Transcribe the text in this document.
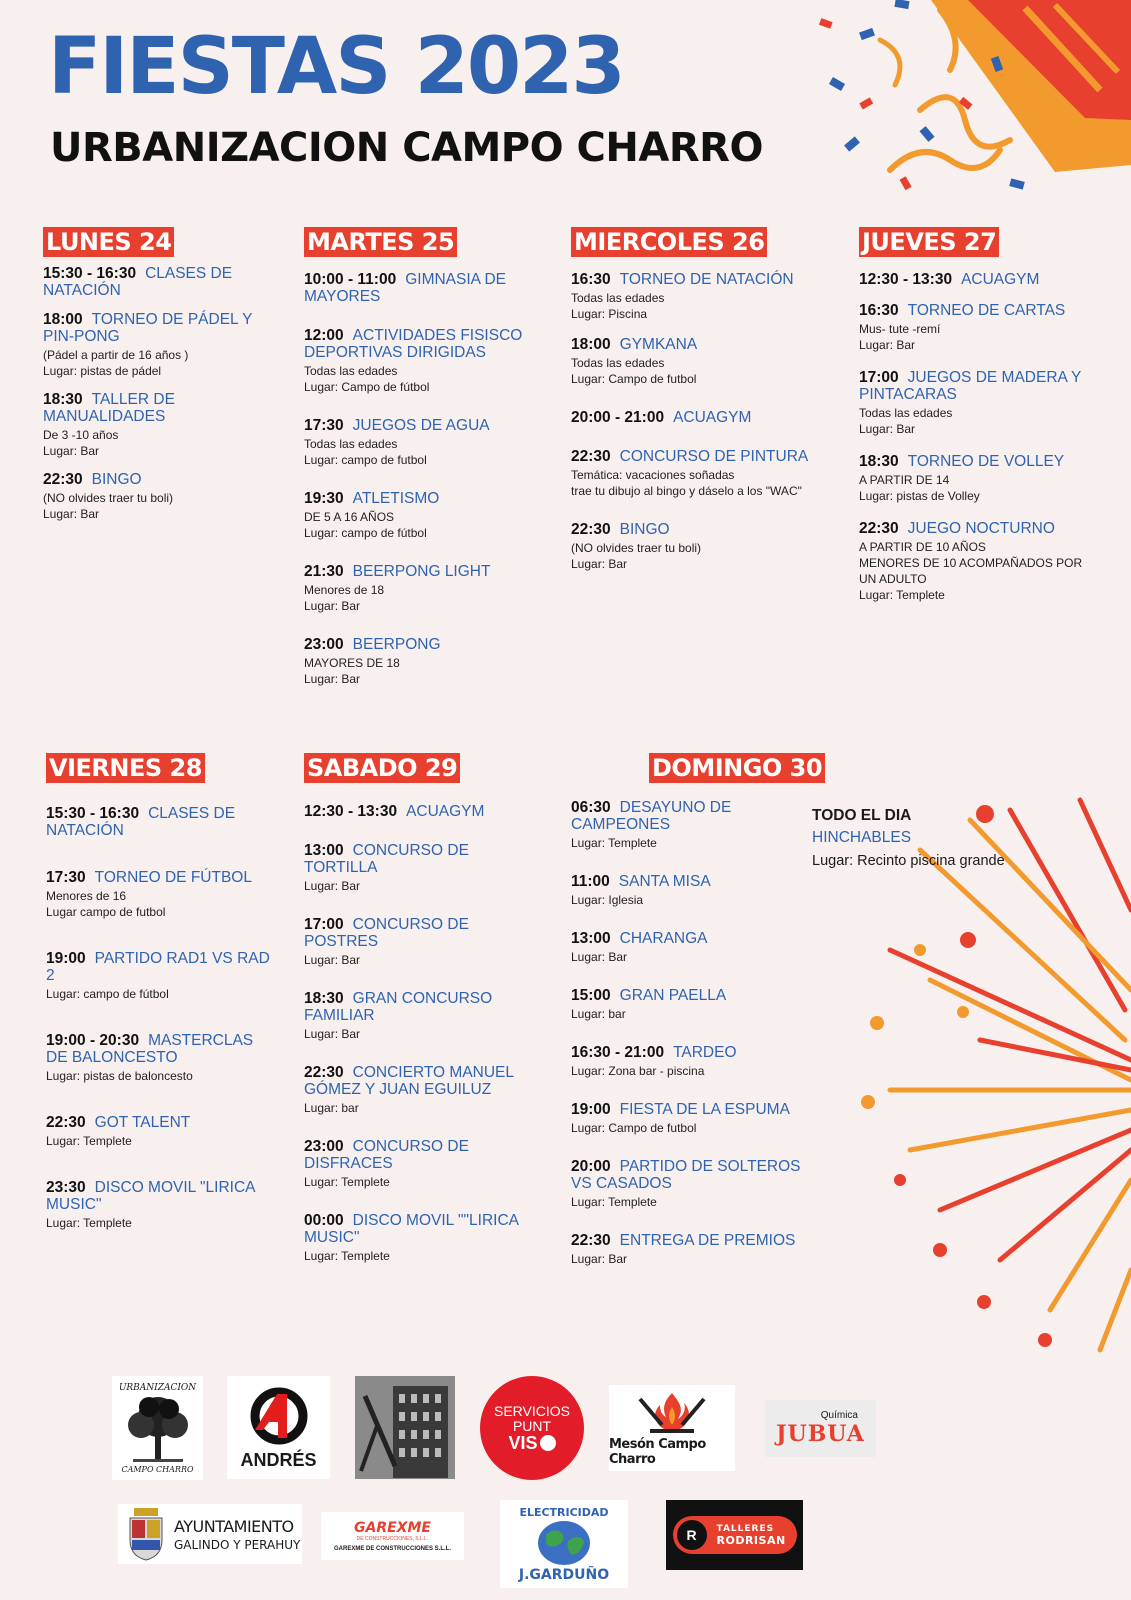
FIESTAS 2023
URBANIZACION CAMPO CHARRO
LUNES 24
15:30 - 16:30 CLASES DE NATACIÓN
18:00 TORNEO DE PÁDEL Y PIN-PONG
(Pádel a partir de 16 años )
Lugar: pistas de pádel
18:30 TALLER DE MANUALIDADES
De 3 -10 años
Lugar: Bar
22:30 BINGO
(NO olvides traer tu boli)
Lugar: Bar
MARTES 25
10:00 - 11:00 GIMNASIA DE MAYORES
12:00 ACTIVIDADES FISISCO DEPORTIVAS DIRIGIDAS
Todas las edades
Lugar: Campo de fútbol
17:30 JUEGOS DE AGUA
Todas las edades
Lugar: campo de futbol
19:30 ATLETISMO
DE 5 A 16 AÑOS
Lugar: campo de fútbol
21:30 BEERPONG LIGHT
Menores de 18
Lugar: Bar
23:00 BEERPONG
MAYORES DE 18
Lugar: Bar
MIERCOLES 26
16:30 TORNEO DE NATACIÓN
Todas las edades
Lugar: Piscina
18:00 GYMKANA
Todas las edades
Lugar: Campo de futbol
20:00 - 21:00 ACUAGYM
22:30 CONCURSO DE PINTURA
Temática: vacaciones soñadas
trae tu dibujo al bingo y dáselo a los "WAC"
22:30 BINGO
(NO olvides traer tu boli)
Lugar: Bar
JUEVES 27
12:30 - 13:30 ACUAGYM
16:30 TORNEO DE CARTAS
Mus- tute -remí
Lugar: Bar
17:00 JUEGOS DE MADERA Y PINTACARAS
Todas las edades
Lugar: Bar
18:30 TORNEO DE VOLLEY
A PARTIR DE 14
Lugar: pistas de Volley
22:30 JUEGO NOCTURNO
A PARTIR DE 10 AÑOS
MENORES DE 10 ACOMPAÑADOS POR UN ADULTO
Lugar: Templete
VIERNES 28
15:30 - 16:30 CLASES DE NATACIÓN
17:30 TORNEO DE FÚTBOL
Menores de 16
Lugar campo de futbol
19:00 PARTIDO RAD1 VS RAD 2
Lugar: campo de fútbol
19:00 - 20:30 MASTERCLAS DE BALONCESTO
Lugar: pistas de baloncesto
22:30 GOT TALENT
Lugar: Templete
23:30 DISCO MOVIL "LIRICA MUSIC"
Lugar: Templete
SABADO 29
12:30 - 13:30 ACUAGYM
13:00 CONCURSO DE TORTILLA
Lugar: Bar
17:00 CONCURSO DE POSTRES
Lugar: Bar
18:30 GRAN CONCURSO FAMILIAR
Lugar: Bar
22:30 CONCIERTO MANUEL GÓMEZ Y JUAN EGUILUZ
Lugar: bar
23:00 CONCURSO DE DISFRACES
Lugar: Templete
00:00 DISCO MOVIL ""LIRICA MUSIC"
Lugar: Templete
DOMINGO 30
06:30 DESAYUNO DE CAMPEONES
Lugar: Templete
11:00 SANTA MISA
Lugar: Iglesia
13:00 CHARANGA
Lugar: Bar
15:00 GRAN PAELLA
Lugar: bar
16:30 - 21:00 TARDEO
Lugar: Zona bar - piscina
19:00 FIESTA DE LA ESPUMA
Lugar: Campo de futbol
20:00 PARTIDO DE SOLTEROS VS CASADOS
Lugar: Templete
22:30 ENTREGA DE PREMIOS
Lugar: Bar
TODO EL DIA
HINCHABLES
Lugar: Recinto piscina grande
URBANIZACION
CAMPO CHARRO	ANDRÉS
SERVICIOS
PUNT
VIS	Mesón Campo Charro
Química
JUBUA
AYUNTAMIENTO
GALINDO Y PERAHUY
GAREXME
DE CONSTRUCCIONES, S.L.L.
GAREXME DE CONSTRUCCIONES S.L.L.
ELECTRICIDAD
J.GARDUÑO
R TALLERES
RODRISAN
